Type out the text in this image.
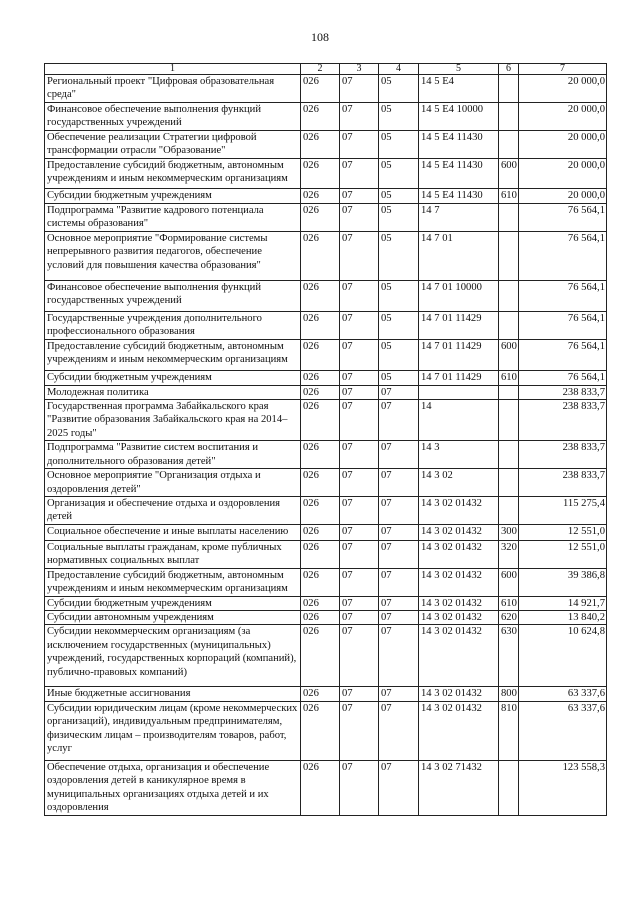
108
1	2	3	4	5	6	7
Региональный проект "Цифровая образовательная среда"	026	07	05	14 5 E4		20 000,0
Финансовое обеспечение выполнения функций государственных учреждений	026	07	05	14 5 E4 10000		20 000,0
Обеспечение реализации Стратегии цифровой трансформации отрасли "Образование"	026	07	05	14 5 E4 11430		20 000,0
Предоставление субсидий бюджетным, автономным учреждениям и иным некоммерческим организациям	026	07	05	14 5 E4 11430	600	20 000,0
Субсидии бюджетным учреждениям	026	07	05	14 5 E4 11430	610	20 000,0
Подпрограмма "Развитие кадрового потенциала системы образования"	026	07	05	14 7		76 564,1
Основное мероприятие "Формирование системы непрерывного развития педагогов, обеспечение условий для повышения качества образования"	026	07	05	14 7 01		76 564,1
Финансовое обеспечение выполнения функций государственных учреждений	026	07	05	14 7 01 10000		76 564,1
Государственные учреждения дополнительного профессионального образования	026	07	05	14 7 01 11429		76 564,1
Предоставление субсидий бюджетным, автономным учреждениям и иным некоммерческим организациям	026	07	05	14 7 01 11429	600	76 564,1
Субсидии бюджетным учреждениям	026	07	05	14 7 01 11429	610	76 564,1
Молодежная политика	026	07	07			238 833,7
Государственная программа Забайкальского края "Развитие образования Забайкальского края на 2014–2025 годы"	026	07	07	14		238 833,7
Подпрограмма "Развитие систем воспитания и дополнительного образования детей"	026	07	07	14 3		238 833,7
Основное мероприятие "Организация отдыха и оздоровления детей"	026	07	07	14 3 02		238 833,7
Организация и обеспечение отдыха и оздоровления детей	026	07	07	14 3 02 01432		115 275,4
Социальное обеспечение и иные выплаты населению	026	07	07	14 3 02 01432	300	12 551,0
Социальные выплаты гражданам, кроме публичных нормативных социальных выплат	026	07	07	14 3 02 01432	320	12 551,0
Предоставление субсидий бюджетным, автономным учреждениям и иным некоммерческим организациям	026	07	07	14 3 02 01432	600	39 386,8
Субсидии бюджетным учреждениям	026	07	07	14 3 02 01432	610	14 921,7
Субсидии автономным учреждениям	026	07	07	14 3 02 01432	620	13 840,2
Субсидии некоммерческим организациям (за исключением государственных (муниципальных) учреждений, государственных корпораций (компаний), публично-правовых компаний)	026	07	07	14 3 02 01432	630	10 624,8
Иные бюджетные ассигнования	026	07	07	14 3 02 01432	800	63 337,6
Субсидии юридическим лицам (кроме некоммерческих организаций), индивидуальным предпринимателям, физическим лицам – производителям товаров, работ, услуг	026	07	07	14 3 02 01432	810	63 337,6
Обеспечение отдыха, организация и обеспечение оздоровления детей в каникулярное время в муниципальных организациях отдыха детей и их оздоровления	026	07	07	14 3 02 71432		123 558,3
